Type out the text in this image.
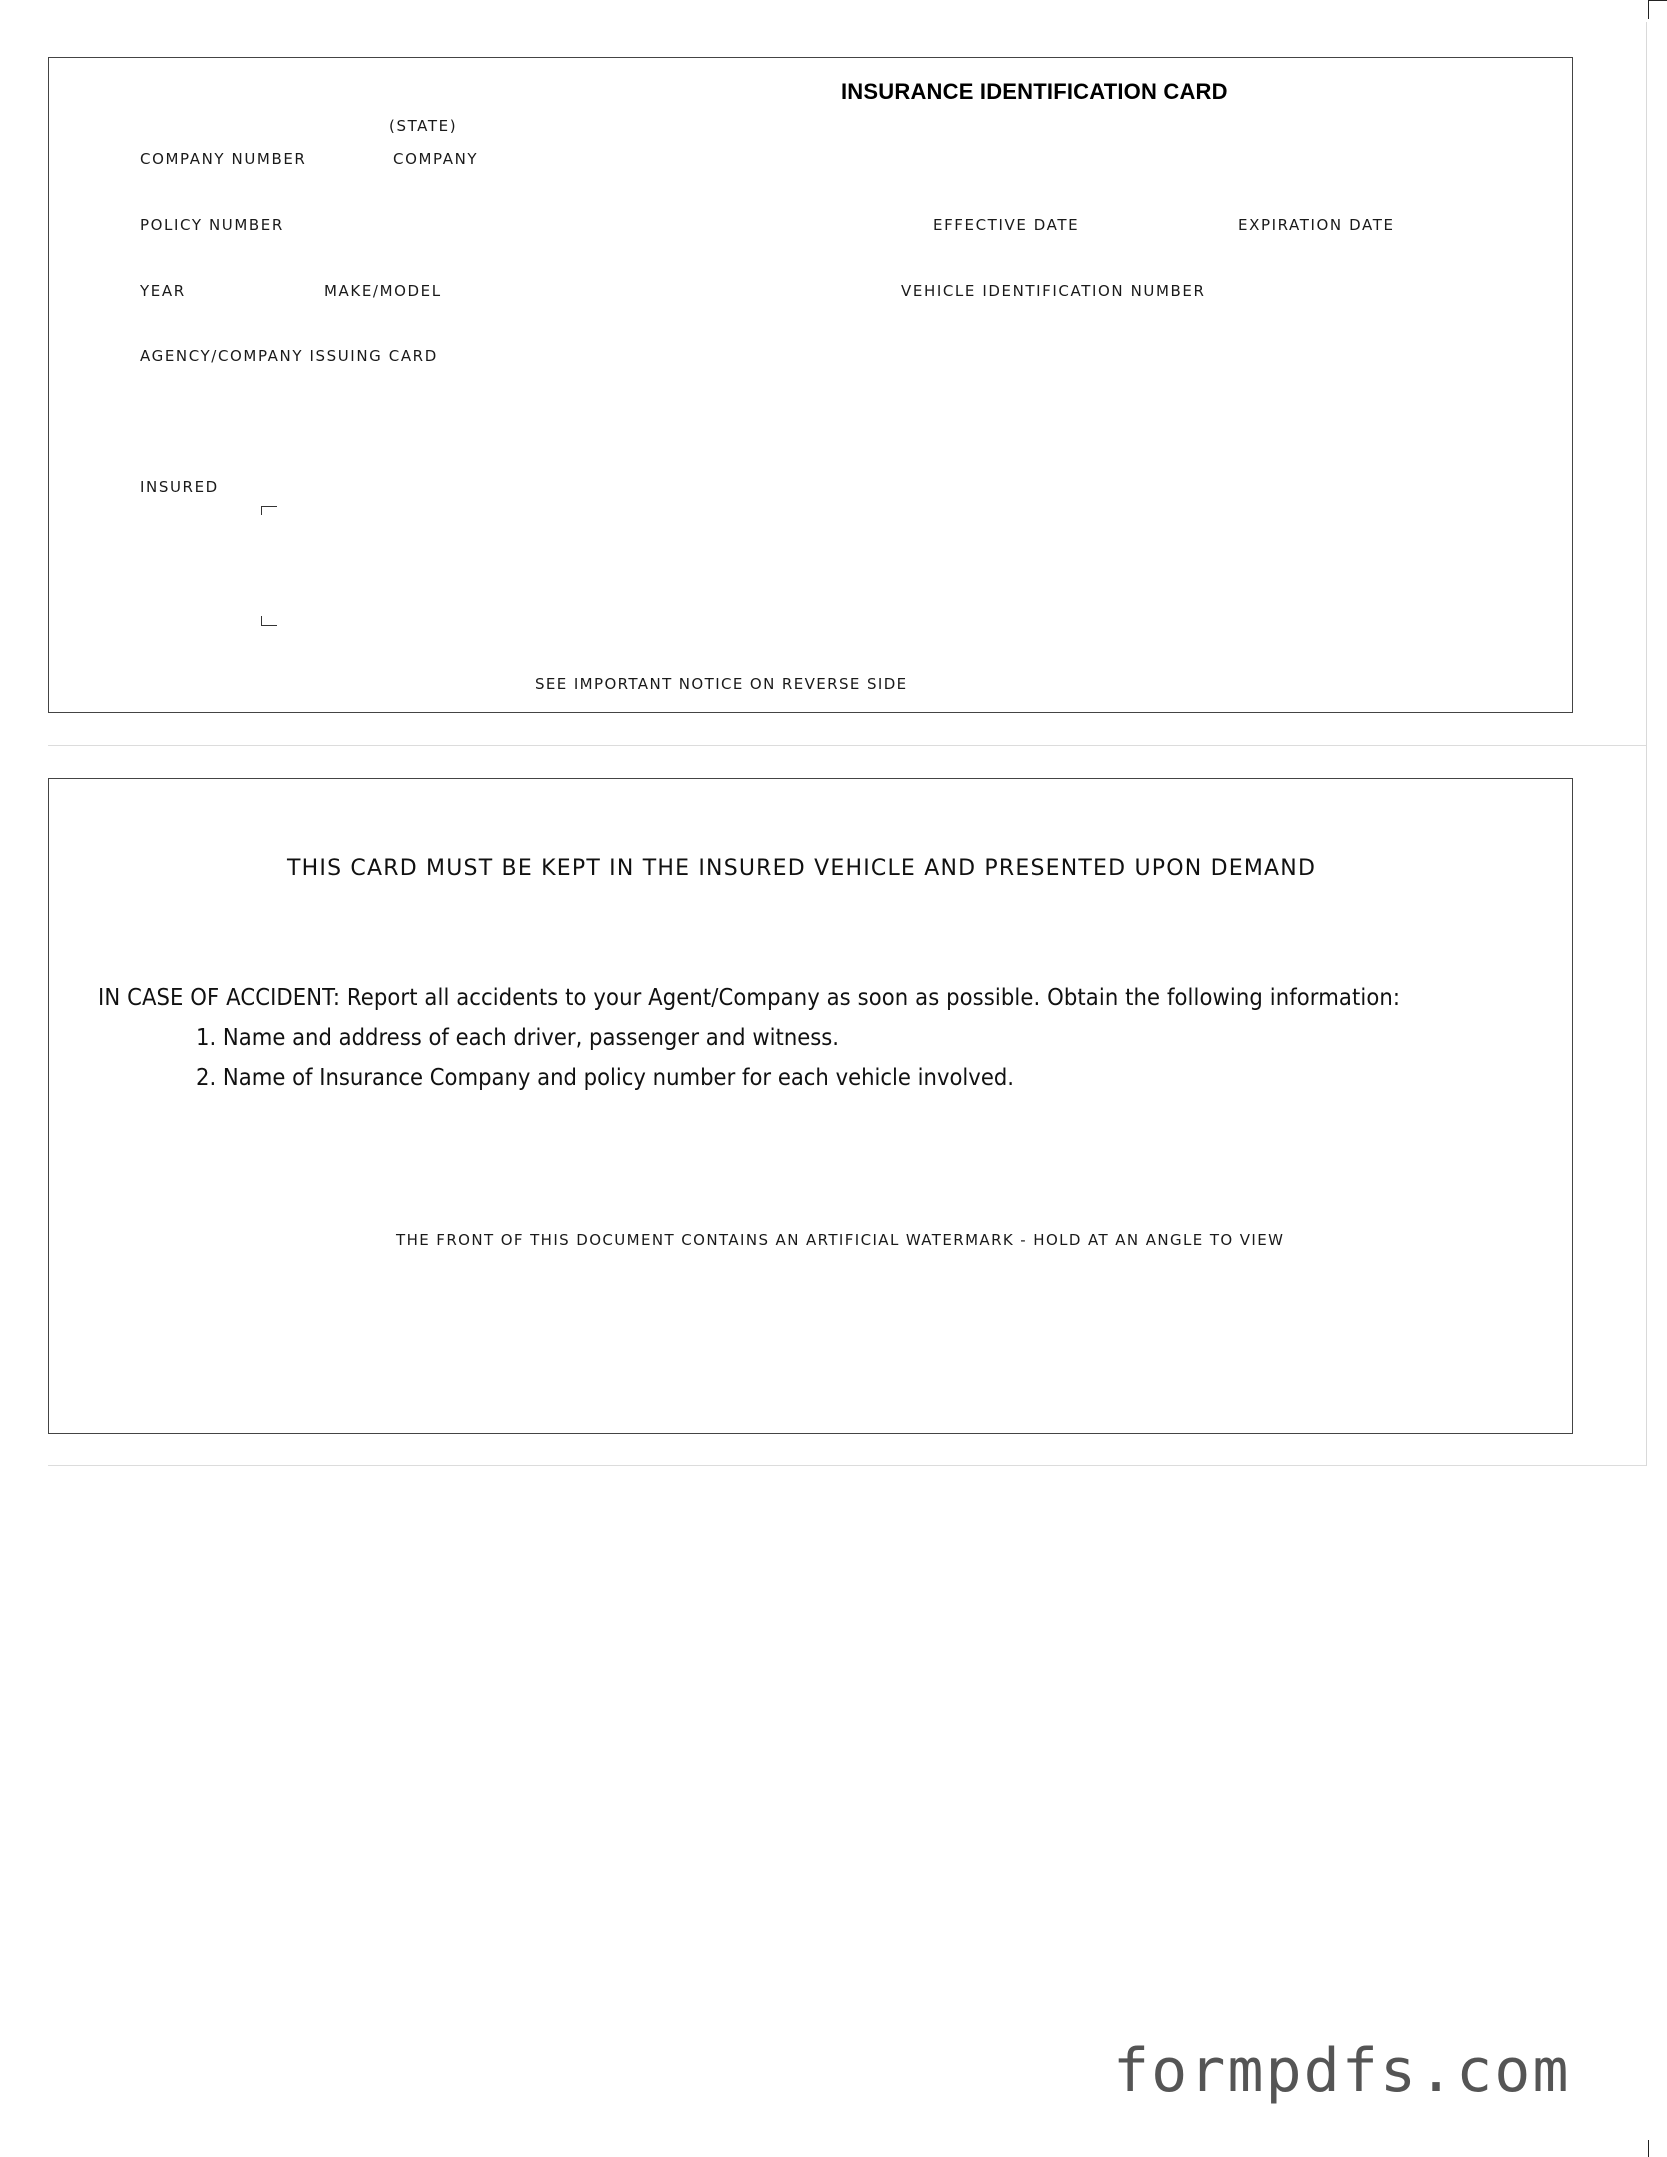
INSURANCE IDENTIFICATION CARD
(STATE)
COMPANY NUMBER	COMPANY
POLICY NUMBER	EFFECTIVE DATE	EXPIRATION DATE
YEAR	MAKE/MODEL	VEHICLE IDENTIFICATION NUMBER
AGENCY/COMPANY ISSUING CARD
INSURED
SEE IMPORTANT NOTICE ON REVERSE SIDE
THIS CARD MUST BE KEPT IN THE INSURED VEHICLE AND PRESENTED UPON DEMAND
IN CASE OF ACCIDENT: Report all accidents to your Agent/Company as soon as possible. Obtain the following information:
1. Name and address of each driver, passenger and witness.
2. Name of Insurance Company and policy number for each vehicle involved.
THE FRONT OF THIS DOCUMENT CONTAINS AN ARTIFICIAL WATERMARK - HOLD AT AN ANGLE TO VIEW
formpdfs.com
